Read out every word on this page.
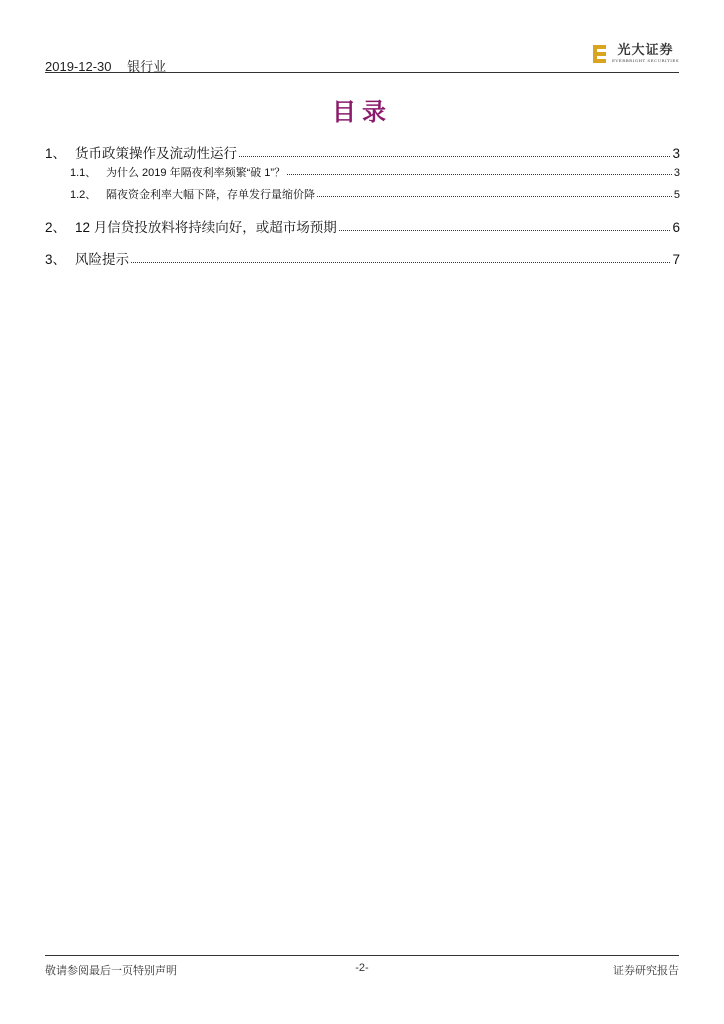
2019-12-30 银行业
光大证券
EVERBRIGHT SECURITIES
目录
1、 货币政策操作及流动性运行	3
1.1、 为什么 2019 年隔夜利率频繁“破 1”？	3
1.2、 隔夜资金利率大幅下降，存单发行量缩价降	5
2、 12 月信贷投放料将持续向好，或超市场预期	6
3、 风险提示	7
敬请参阅最后一页特别声明	-2-	证券研究报告
